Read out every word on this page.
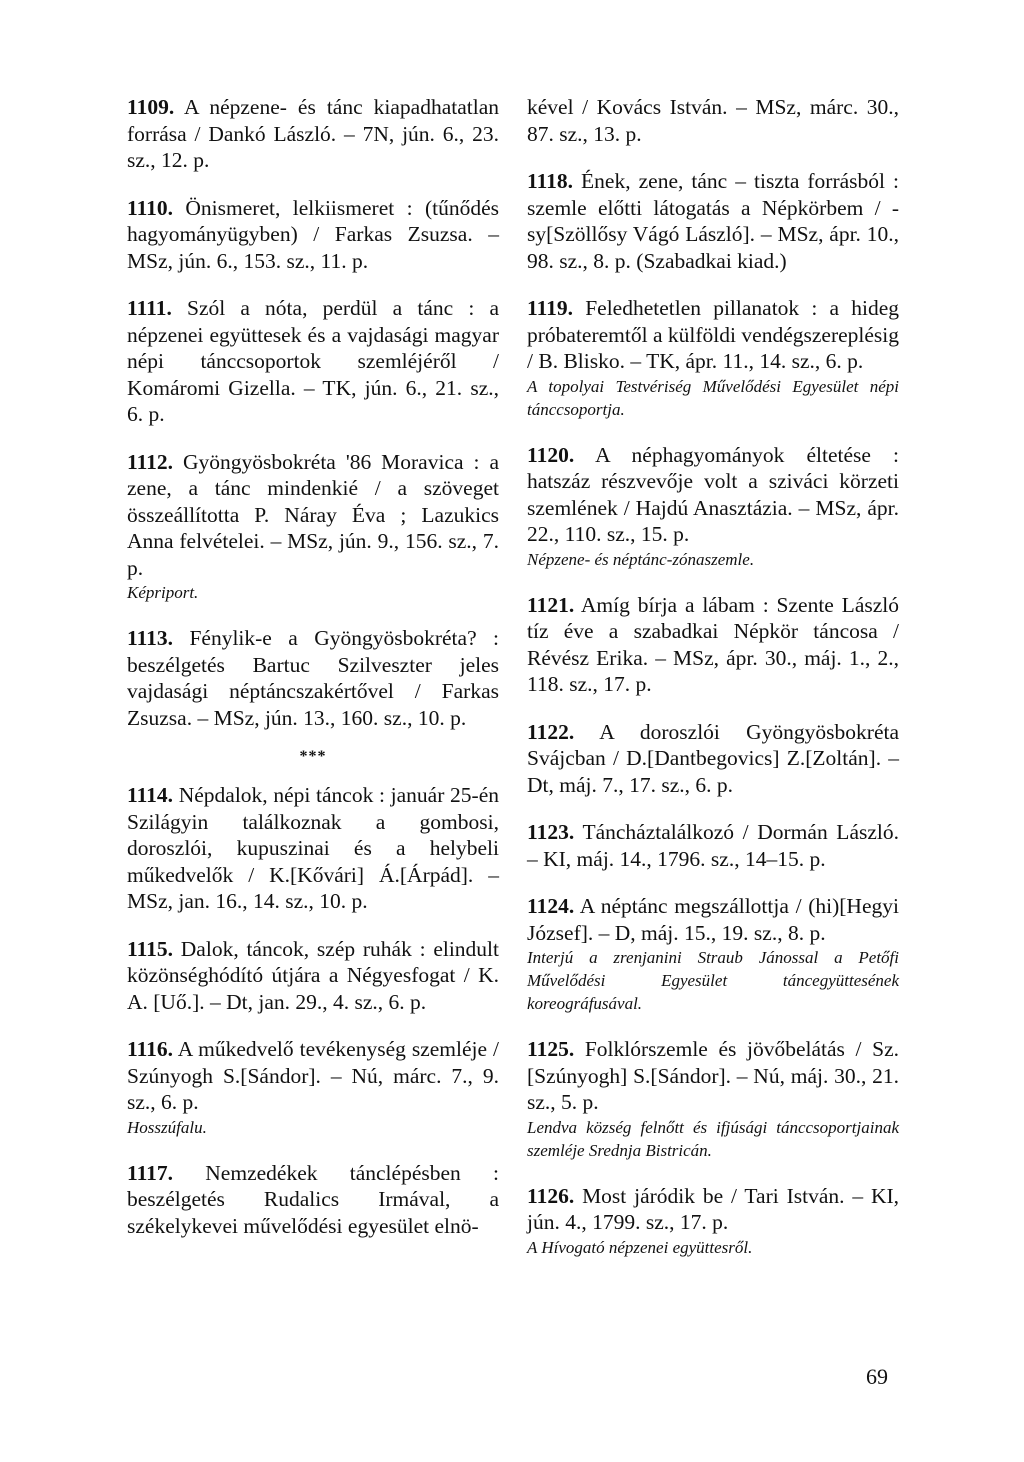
1109. A népzene- és tánc kiapadhatatlan forrása / Dankó László. – 7N, jún. 6., 23. sz., 12. p.

1110. Önismeret, lelkiismeret : (tűnődés hagyományügyben) / Farkas Zsuzsa. – MSz, jún. 6., 153. sz., 11. p.

1111. Szól a nóta, perdül a tánc : a népzenei együttesek és a vajdasági magyar népi tánccsoportok szemléjéről / Komáromi Gizella. – TK, jún. 6., 21. sz., 6. p.

1112. Gyöngyösbokréta '86 Moravica : a zene, a tánc mindenkié / a szöveget összeállította P. Náray Éva ; Lazukics Anna felvételei. – MSz, jún. 9., 156. sz., 7. p.
Képriport.

1113. Fénylik-e a Gyöngyösbokréta? : beszélgetés Bartuc Szilveszter jeles vajdasági néptáncszakértővel / Farkas Zsuzsa. – MSz, jún. 13., 160. sz., 10. p.

***

1114. Népdalok, népi táncok : január 25-én Szilágyin találkoznak a gombosi, doroszlói, kupuszinai és a helybeli műkedvelők / K.[Kővári] Á.[Árpád]. – MSz, jan. 16., 14. sz., 10. p.

1115. Dalok, táncok, szép ruhák : elindult közönséghódító útjára a Négyesfogat / K. A. [Uő.]. – Dt, jan. 29., 4. sz., 6. p.

1116. A műkedvelő tevékenység szemléje / Szúnyogh S.[Sándor]. – Nú, márc. 7., 9. sz., 6. p.
Hosszúfalu.

1117. Nemzedékek tánclépésben : beszélgetés Rudalics Irmával, a székelykevei művelődési egyesület elnö-

kével / Kovács István. – MSz, márc. 30., 87. sz., 13. p.

1118. Ének, zene, tánc – tiszta forrásból : szemle előtti látogatás a Népkörbem / -sy[Szöllősy Vágó László]. – MSz, ápr. 10., 98. sz., 8. p. (Szabadkai kiad.)

1119. Feledhetetlen pillanatok : a hideg próbateremtől a külföldi vendégszereplésig / B. Blisko. – TK, ápr. 11., 14. sz., 6. p.
A topolyai Testvériség Művelődési Egyesület népi tánccsoportja.

1120. A néphagyományok éltetése : hatszáz részvevője volt a sziváci körzeti szemlének / Hajdú Anasztázia. – MSz, ápr. 22., 110. sz., 15. p.
Népzene- és néptánc-zónaszemle.

1121. Amíg bírja a lábam : Szente László tíz éve a szabadkai Népkör táncosa / Révész Erika. – MSz, ápr. 30., máj. 1., 2., 118. sz., 17. p.

1122. A doroszlói Gyöngyösbokréta Svájcban / D.[Dantbegovics] Z.[Zoltán]. – Dt, máj. 7., 17. sz., 6. p.

1123. Táncháztalálkozó / Dormán László. – KI, máj. 14., 1796. sz., 14–15. p.

1124. A néptánc megszállottja / (hi)[Hegyi József]. – D, máj. 15., 19. sz., 8. p.
Interjú a zrenjanini Straub Jánossal a Petőfi Művelődési Egyesület táncegyüttesének koreográfusával.

1125. Folklórszemle és jövőbelátás / Sz.[Szúnyogh] S.[Sándor]. – Nú, máj. 30., 21. sz., 5. p.
Lendva község felnőtt és ifjúsági tánccsoportjainak szemléje Srednja Bistricán.

1126. Most járódik be / Tari István. – KI, jún. 4., 1799. sz., 17. p.
A Hívogató népzenei együttesről.

69
